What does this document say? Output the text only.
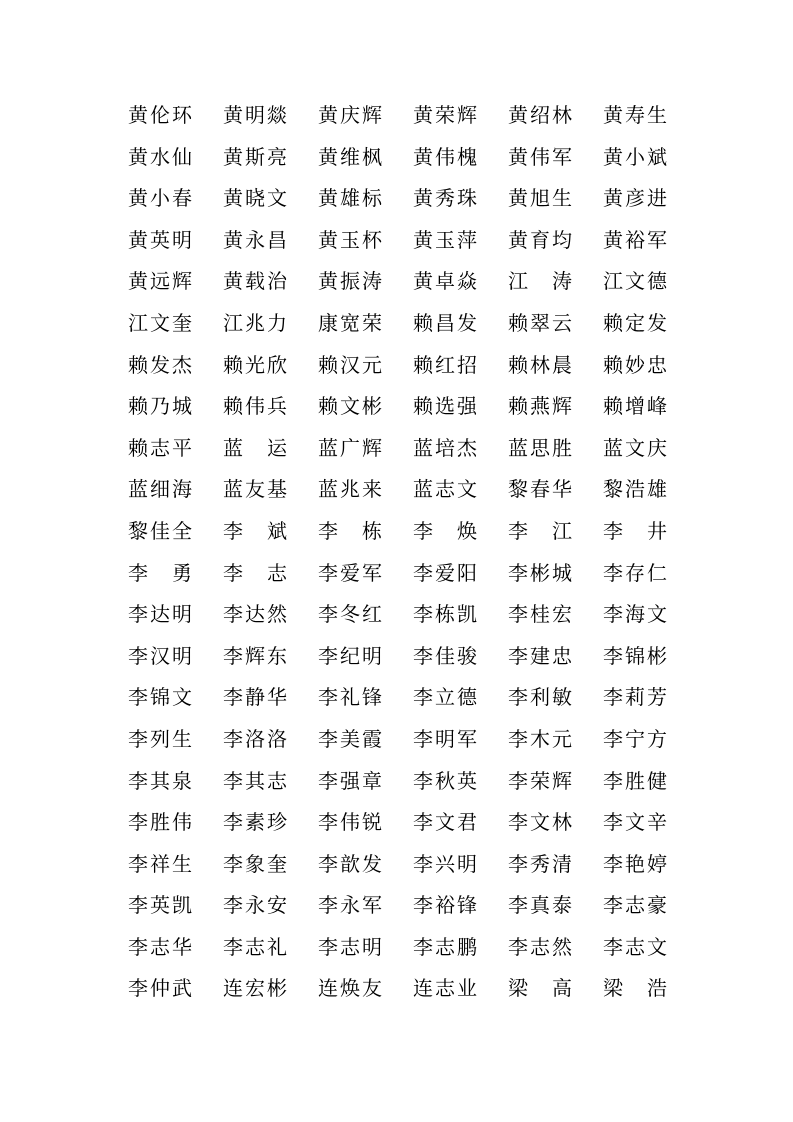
黄伦环 黄明燚 黄庆辉 黄荣辉 黄绍林 黄寿生
黄水仙 黄斯亮 黄维枫 黄伟槐 黄伟军 黄小斌
黄小春 黄晓文 黄雄标 黄秀珠 黄旭生 黄彦进
黄英明 黄永昌 黄玉杯 黄玉萍 黄育均 黄裕军
黄远辉 黄载治 黄振涛 黄卓焱 江 涛 江文德
江文奎 江兆力 康宽荣 赖昌发 赖翠云 赖定发
赖发杰 赖光欣 赖汉元 赖红招 赖林晨 赖妙忠
赖乃城 赖伟兵 赖文彬 赖选强 赖燕辉 赖增峰
赖志平 蓝 运 蓝广辉 蓝培杰 蓝思胜 蓝文庆
蓝细海 蓝友基 蓝兆来 蓝志文 黎春华 黎浩雄
黎佳全 李 斌 李 栋 李 焕 李 江 李 井
李 勇 李 志 李爱军 李爱阳 李彬城 李存仁
李达明 李达然 李冬红 李栋凯 李桂宏 李海文
李汉明 李辉东 李纪明 李佳骏 李建忠 李锦彬
李锦文 李静华 李礼锋 李立德 李利敏 李莉芳
李列生 李洛洛 李美霞 李明军 李木元 李宁方
李其泉 李其志 李强章 李秋英 李荣辉 李胜健
李胜伟 李素珍 李伟锐 李文君 李文林 李文辛
李祥生 李象奎 李歆发 李兴明 李秀清 李艳婷
李英凯 李永安 李永军 李裕锋 李真泰 李志豪
李志华 李志礼 李志明 李志鹏 李志然 李志文
李仲武 连宏彬 连焕友 连志业 梁 高 梁 浩
